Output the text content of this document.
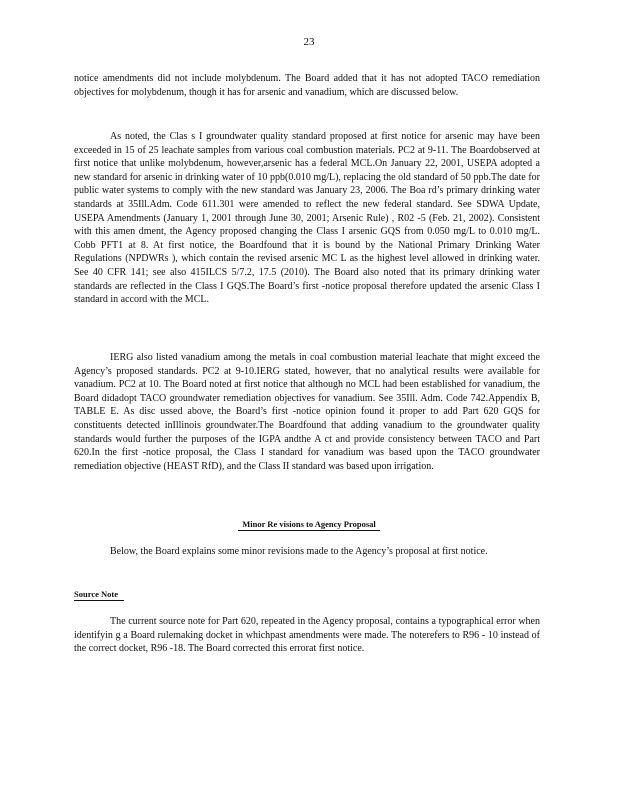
23

notice amendments did not include molybdenum. The Board added that it has not adopted TACO remediation objectives for molybdenum, though it has for arsenic and vanadium, which are discussed below.

As noted, the Clas s I groundwater quality standard proposed at first notice for arsenic may have been exceeded in 15 of 25 leachate samples from various coal combustion materials. PC2 at 9-11. The Boardobserved at first notice that unlike molybdenum, however,arsenic has a federal MCL.On January 22, 2001, USEPA adopted a new standard for arsenic in drinking water of 10 ppb(0.010 mg/L), replacing the old standard of 50 ppb.The date for public water systems to comply with the new standard was January 23, 2006. The Boa rd’s primary drinking water standards at 35Ill.Adm. Code 611.301 were amended to reflect the new federal standard. See SDWA Update, USEPA Amendments (January 1, 2001 through June 30, 2001; Arsenic Rule) , R02 -5 (Feb. 21, 2002). Consistent with this amen dment, the Agency proposed changing the Class I arsenic GQS from 0.050 mg/L to 0.010 mg/L. Cobb PFT1 at 8. At first notice, the Boardfound that it is bound by the National Primary Drinking Water Regulations (NPDWRs ), which contain the revised arsenic MC L as the highest level allowed in drinking water. See 40 CFR 141; see also 415ILCS 5/7.2, 17.5 (2010). The Board also noted that its primary drinking water standards are reflected in the Class I GQS.The Board’s first -notice proposal therefore updated the arsenic Class I standard in accord with the MCL.

IERG also listed vanadium among the metals in coal combustion material leachate that might exceed the Agency’s proposed standards. PC2 at 9-10.IERG stated, however, that no analytical results were available for vanadium. PC2 at 10. The Board noted at first notice that although no MCL had been established for vanadium, the Board didadopt TACO groundwater remediation objectives for vanadium. See 35Ill. Adm. Code 742.Appendix B, TABLE E. As disc ussed above, the Board’s first -notice opinion found it proper to add Part 620 GQS for constituents detected inIllinois groundwater.The Boardfound that adding vanadium to the groundwater quality standards would further the purposes of the IGPA andthe A ct and provide consistency between TACO and Part 620.In the first -notice proposal, the Class I standard for vanadium was based upon the TACO groundwater remediation objective (HEAST RfD), and the Class II standard was based upon irrigation.

Minor Re visions to Agency Proposal

Below, the Board explains some minor revisions made to the Agency’s proposal at first notice.

Source Note

The current source note for Part 620, repeated in the Agency proposal, contains a typographical error when identifyin g a Board rulemaking docket in whichpast amendments were made. The noterefers to R96 - 10 instead of the correct docket, R96 -18. The Board corrected this errorat first notice.
